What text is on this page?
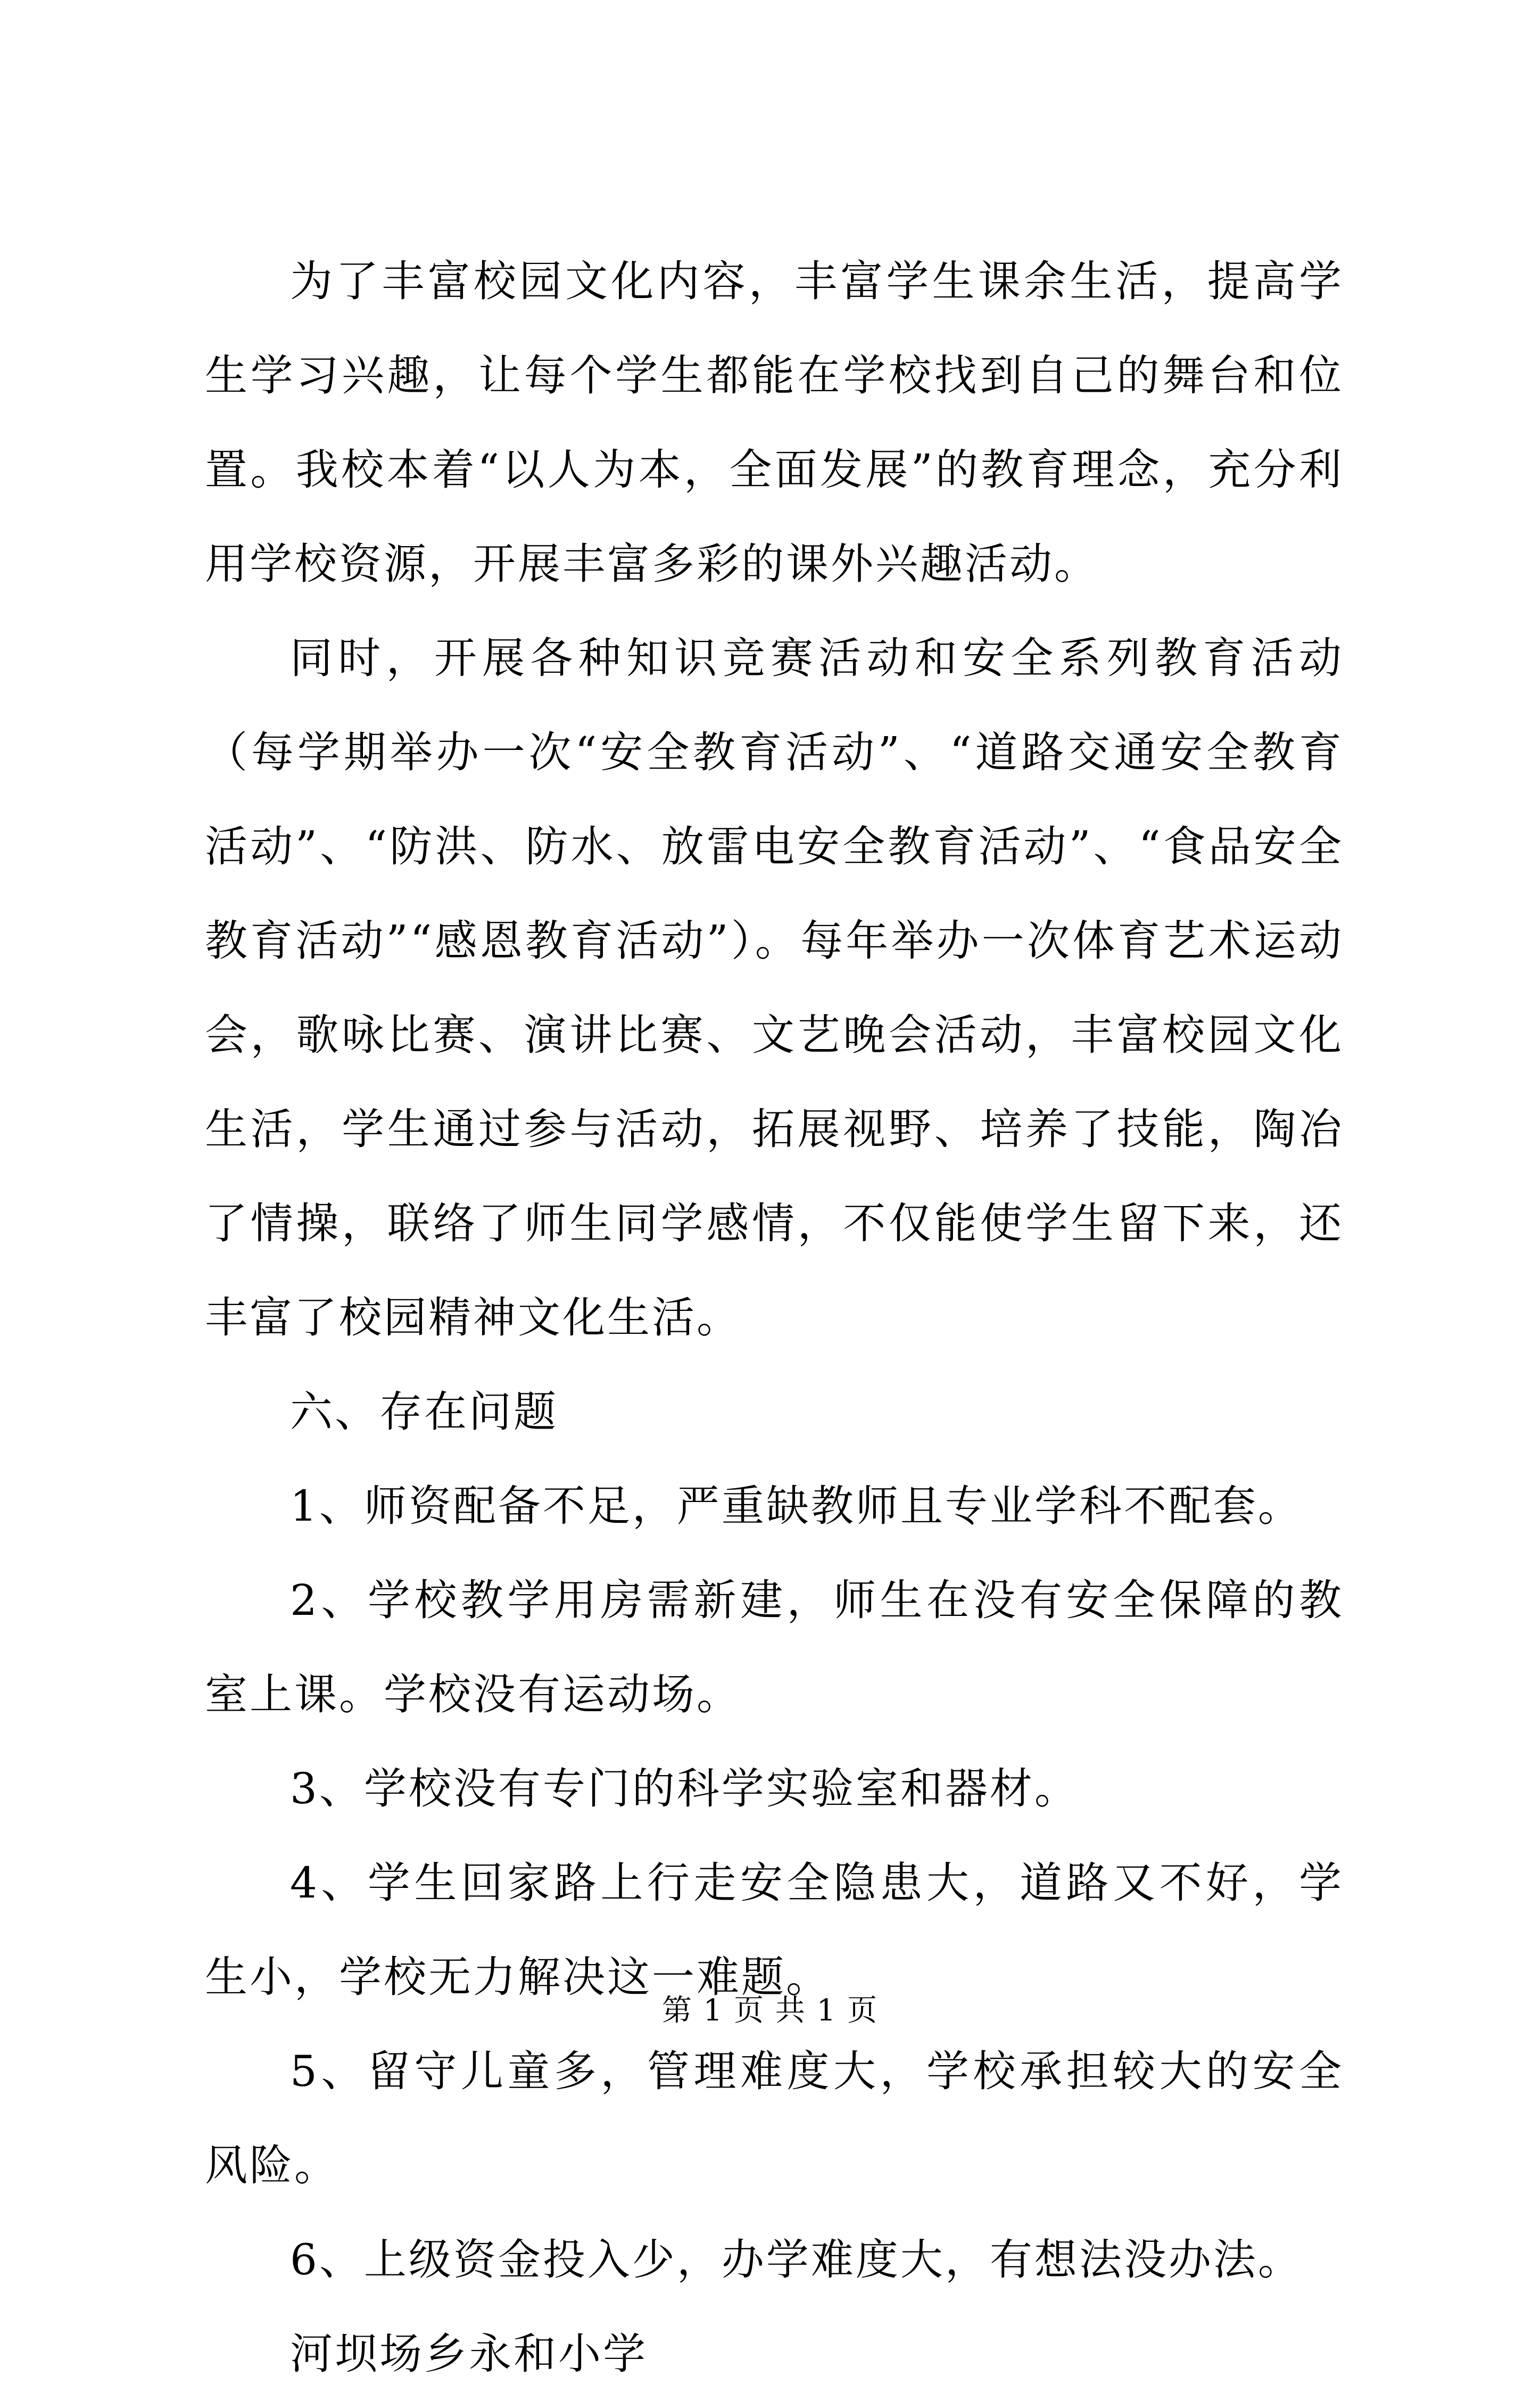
为了丰富校园文化内容，丰富学生课余生活，提高学生学习兴趣，让每个学生都能在学校找到自己的舞台和位置。我校本着“以人为本，全面发展”的教育理念，充分利用学校资源，开展丰富多彩的课外兴趣活动。

同时，开展各种知识竞赛活动和安全系列教育活动（每学期举办一次“安全教育活动”、“道路交通安全教育活动”、“防洪、防水、放雷电安全教育活动”、“食品安全教育活动”“感恩教育活动”）。每年举办一次体育艺术运动会，歌咏比赛、演讲比赛、文艺晚会活动，丰富校园文化生活，学生通过参与活动，拓展视野、培养了技能，陶冶了情操，联络了师生同学感情，不仅能使学生留下来，还丰富了校园精神文化生活。

六、存在问题

1、师资配备不足，严重缺教师且专业学科不配套。

2、学校教学用房需新建，师生在没有安全保障的教室上课。学校没有运动场。

3、学校没有专门的科学实验室和器材。

4、学生回家路上行走安全隐患大，道路又不好，学生小，学校无力解决这一难题。

5、留守儿童多，管理难度大，学校承担较大的安全风险。

6、上级资金投入少，办学难度大，有想法没办法。

河坝场乡永和小学

第 1 页 共 1 页
